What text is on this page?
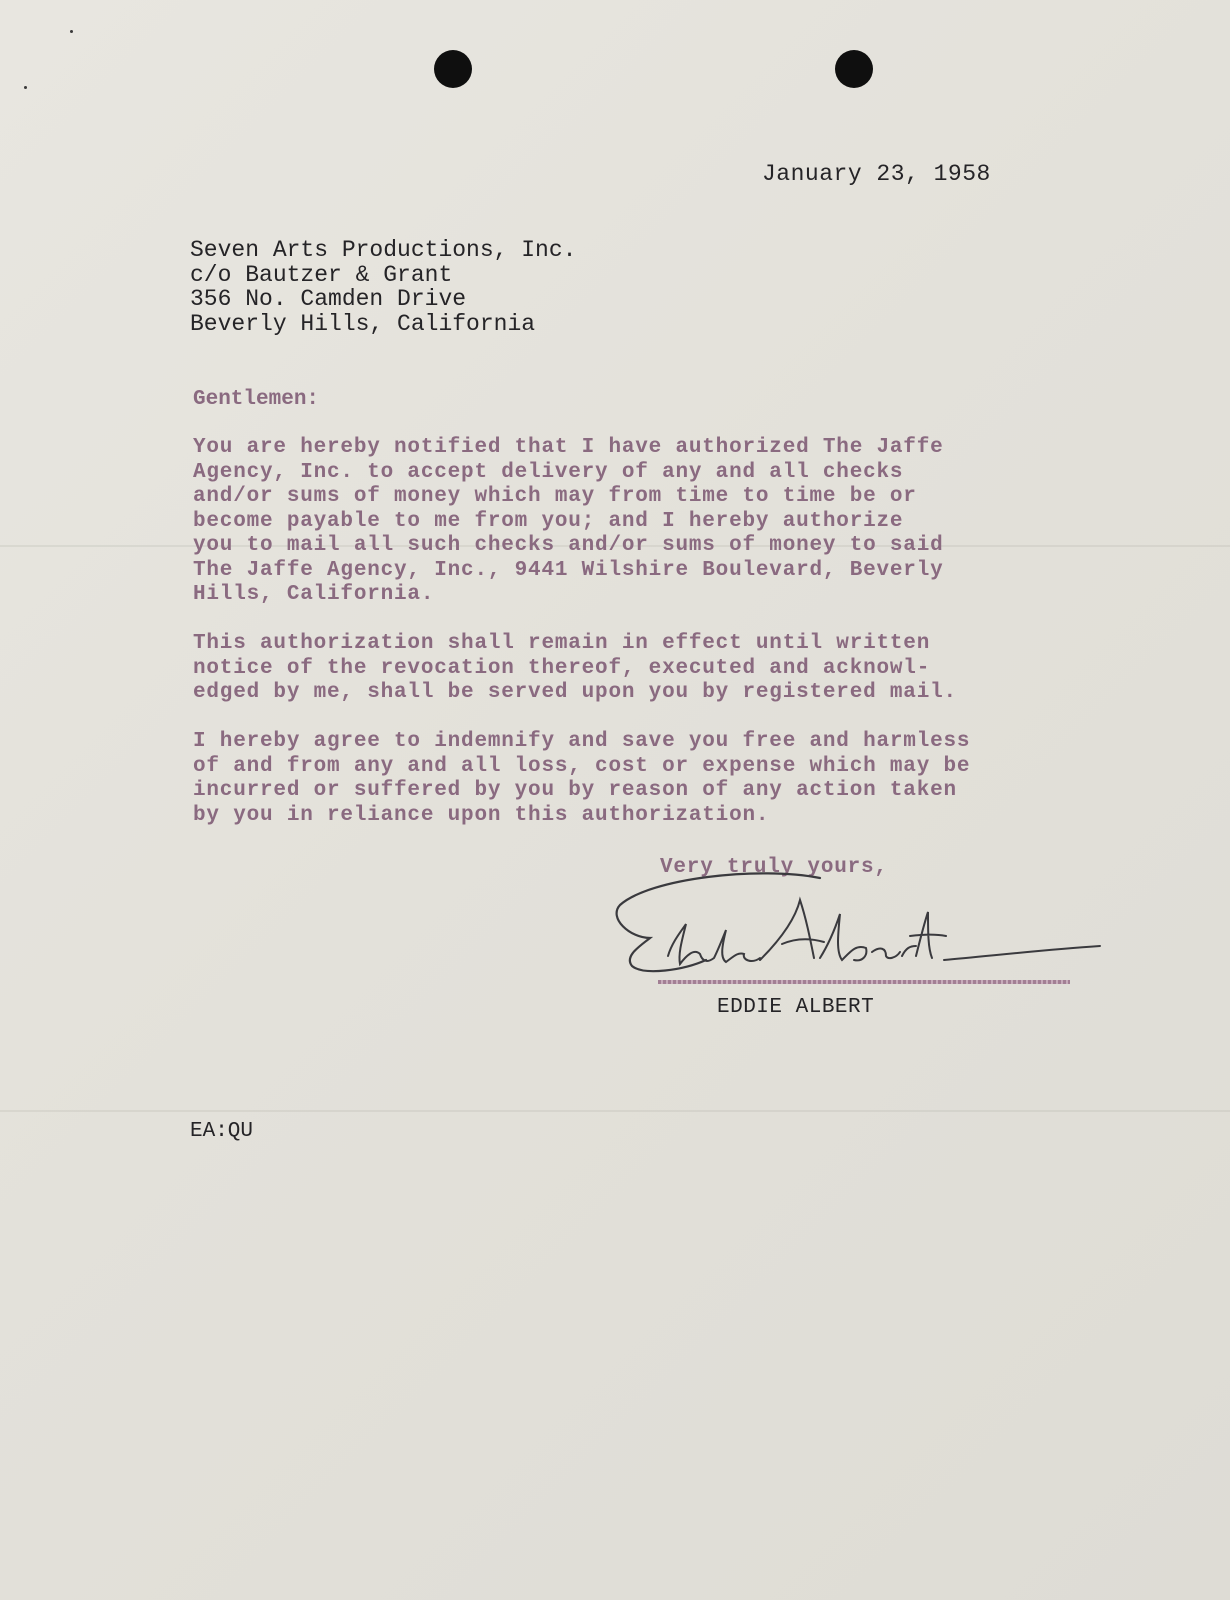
January 23, 1958
Seven Arts Productions, Inc.
c/o Bautzer & Grant
356 No. Camden Drive
Beverly Hills, California
Gentlemen:
You are hereby notified that I have authorized The Jaffe
Agency, Inc. to accept delivery of any and all checks
and/or sums of money which may from time to time be or
become payable to me from you; and I hereby authorize
you to mail all such checks and/or sums of money to said
The Jaffe Agency, Inc., 9441 Wilshire Boulevard, Beverly
Hills, California.
This authorization shall remain in effect until written
notice of the revocation thereof, executed and acknowl-
edged by me, shall be served upon you by registered mail.
I hereby agree to indemnify and save you free and harmless
of and from any and all loss, cost or expense which may be
incurred or suffered by you by reason of any action taken
by you in reliance upon this authorization.
Very truly yours,
EDDIE ALBERT
EA:QU
